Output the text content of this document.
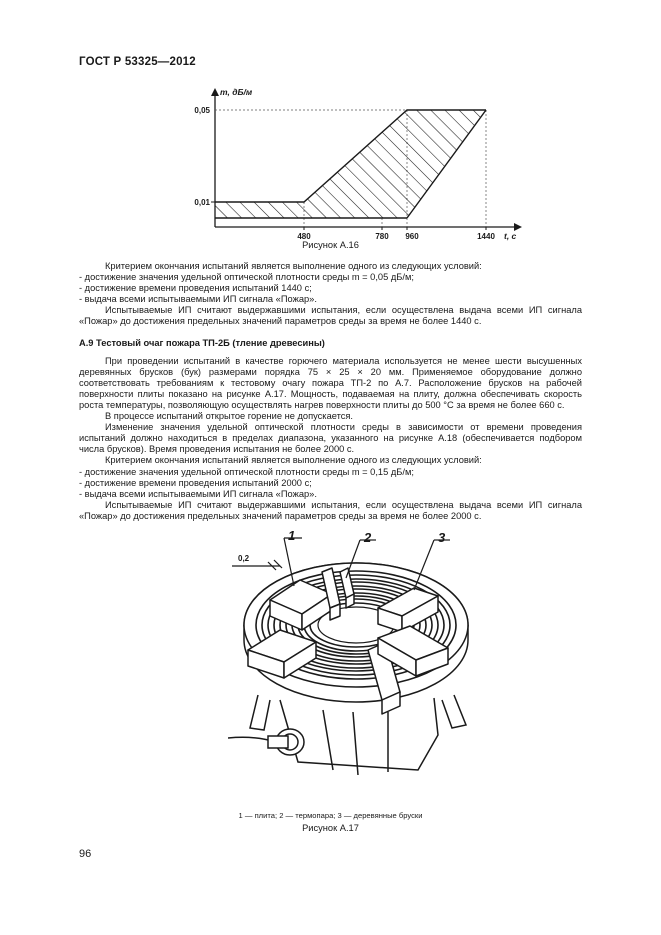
ГОСТ Р 53325—2012
m, дБ/м
0,05
0,01
480	780 960	1440 t, с
Рисунок А.16

Критерием окончания испытаний является выполнение одного из следующих условий:

- достижение значения удельной оптической плотности среды m = 0,05 дБ/м;

- достижение времени проведения испытаний 1440 с;

- выдача всеми испытываемыми ИП сигнала «Пожар».

Испытываемые ИП считают выдержавшими испытания, если осуществлена выдача всеми ИП сигнала «Пожар» до достижения предельных значений параметров среды за время не более 1440 с.

А.9 Тестовый очаг пожара ТП-2Б (тление древесины)

При проведении испытаний в качестве горючего материала используется не менее шести высушенных деревянных брусков (бук) размерами порядка 75 × 25 × 20 мм. Применяемое оборудование должно соответствовать требованиям к тестовому очагу пожара ТП-2 по А.7. Расположение брусков на рабочей поверхности плиты показано на рисунке А.17. Мощность, подаваемая на плиту, должна обеспечивать скорость роста температуры, позволяющую осуществлять нагрев поверхности плиты до 500 °С за время не более 660 с.

В процессе испытаний открытое горение не допускается.

Изменение значения удельной оптической плотности среды в зависимости от времени проведения испытаний должно находиться в пределах диапазона, указанного на рисунке А.18 (обеспечивается подбором числа брусков). Время проведения испытания не более 2000 с.

Критерием окончания испытаний является выполнение одного из следующих условий:

- достижение значения удельной оптической плотности среды m = 0,15 дБ/м;

- достижение времени проведения испытаний 2000 с;

- выдача всеми испытываемыми ИП сигнала «Пожар».

Испытываемые ИП считают выдержавшими испытания, если осуществлена выдача всеми ИП сигнала «Пожар» до достижения предельных значений параметров среды за время не более 2000 с.

1	2	3
0,2
1 — плита; 2 — термопара; 3 — деревянные бруски
Рисунок А.17
96
